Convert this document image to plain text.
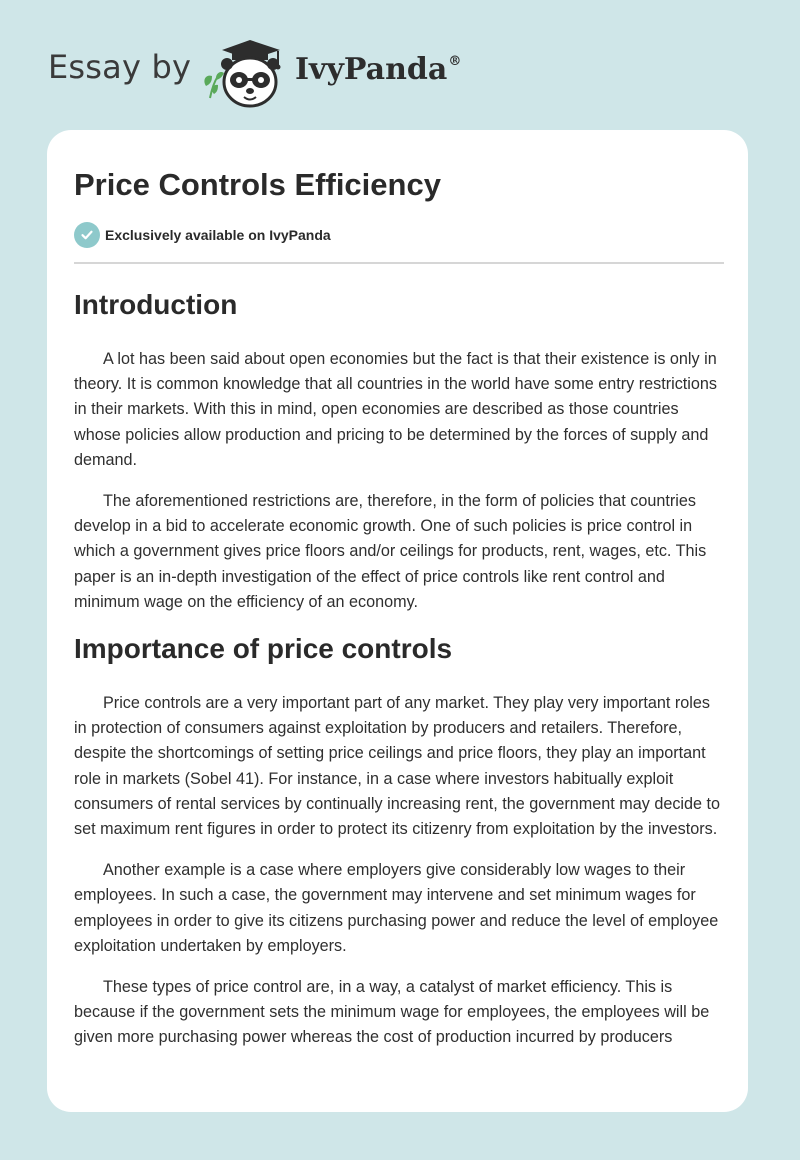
Essay by	IvyPanda®
Price Controls Efficiency
Exclusively available on IvyPanda
Introduction

A lot has been said about open economies but the fact is that their existence is only in theory. It is common knowledge that all countries in the world have some entry restrictions in their markets. With this in mind, open economies are described as those countries whose policies allow production and pricing to be determined by the forces of supply and demand.

The aforementioned restrictions are, therefore, in the form of policies that countries develop in a bid to accelerate economic growth. One of such policies is price control in which a government gives price floors and/or ceilings for products, rent, wages, etc. This paper is an in-depth investigation of the effect of price controls like rent control and minimum wage on the efficiency of an economy.

Importance of price controls

Price controls are a very important part of any market. They play very important roles in protection of consumers against exploitation by producers and retailers. Therefore, despite the shortcomings of setting price ceilings and price floors, they play an important role in markets (Sobel 41). For instance, in a case where investors habitually exploit consumers of rental services by continually increasing rent, the government may decide to set maximum rent figures in order to protect its citizenry from exploitation by the investors.

Another example is a case where employers give considerably low wages to their employees. In such a case, the government may intervene and set minimum wages for employees in order to give its citizens purchasing power and reduce the level of employee exploitation undertaken by employers.

These types of price control are, in a way, a catalyst of market efficiency. This is because if the government sets the minimum wage for employees, the employees will be given more purchasing power whereas the cost of production incurred by producers
